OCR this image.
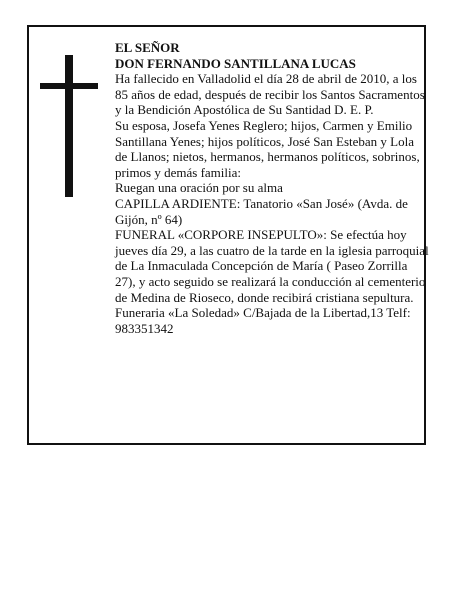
EL SEÑOR

DON FERNANDO SANTILLANA LUCAS

Ha fallecido en Valladolid el día 28 de abril de 2010, a los 85 años de edad, después de recibir los Santos Sacramentos y la Bendición Apostólica de Su Santidad D. E. P.

Su esposa, Josefa Yenes Reglero; hijos, Carmen y Emilio Santillana Yenes; hijos políticos, José San Esteban y Lola de Llanos; nietos, hermanos, hermanos políticos, sobrinos, primos y demás familia:

Ruegan una oración por su alma

CAPILLA ARDIENTE: Tanatorio «San José» (Avda. de Gijón, nº 64)

FUNERAL «CORPORE INSEPULTO»: Se efectúa hoy jueves día 29, a las cuatro de la tarde en la iglesia parroquial de La Inmaculada Concepción de María ( Paseo Zorrilla 27), y acto seguido se realizará la conducción al cementerio de Medina de Rioseco, donde recibirá cristiana sepultura.

Funeraria «La Soledad» C/Bajada de la Libertad,13 Telf: 983351342
